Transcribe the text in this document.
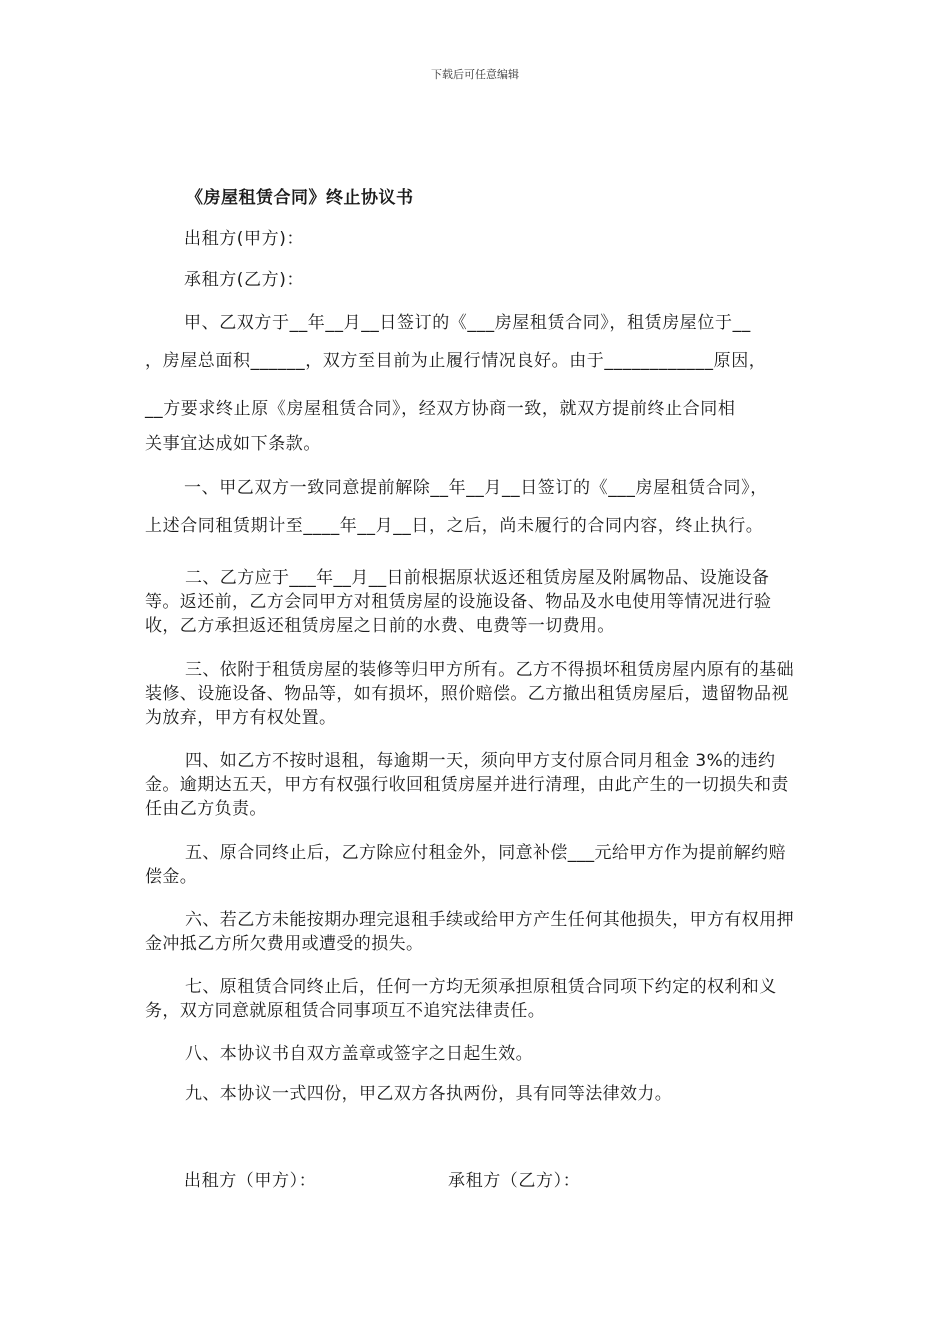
下载后可任意编辑
《房屋租赁合同》终止协议书
出租方(甲方)：
承租方(乙方)：
甲、乙双方于__年__月__日签订的《___房屋租赁合同》，租赁房屋位于__
，房屋总面积______，双方至目前为止履行情况良好。由于____________原因，
__方要求终止原《房屋租赁合同》，经双方协商一致，就双方提前终止合同相
关事宜达成如下条款。
一、甲乙双方一致同意提前解除__年__月__日签订的《___房屋租赁合同》，
上述合同租赁期计至____年__月__日，之后，尚未履行的合同内容，终止执行。
二、乙方应于___年__月__日前根据原状返还租赁房屋及附属物品、设施设备等。返还前，乙方会同甲方对租赁房屋的设施设备、物品及水电使用等情况进行验收，乙方承担返还租赁房屋之日前的水费、电费等一切费用。
三、依附于租赁房屋的装修等归甲方所有。乙方不得损坏租赁房屋内原有的基础装修、设施设备、物品等，如有损坏，照价赔偿。乙方撤出租赁房屋后，遗留物品视为放弃，甲方有权处置。
四、如乙方不按时退租，每逾期一天，须向甲方支付原合同月租金 3%的违约金。逾期达五天，甲方有权强行收回租赁房屋并进行清理，由此产生的一切损失和责任由乙方负责。
五、原合同终止后，乙方除应付租金外，同意补偿___元给甲方作为提前解约赔偿金。
六、若乙方未能按期办理完退租手续或给甲方产生任何其他损失，甲方有权用押金冲抵乙方所欠费用或遭受的损失。
七、原租赁合同终止后，任何一方均无须承担原租赁合同项下约定的权利和义务，双方同意就原租赁合同事项互不追究法律责任。
八、本协议书自双方盖章或签字之日起生效。
九、本协议一式四份，甲乙双方各执两份，具有同等法律效力。
出租方（甲方）：	承租方（乙方）：
